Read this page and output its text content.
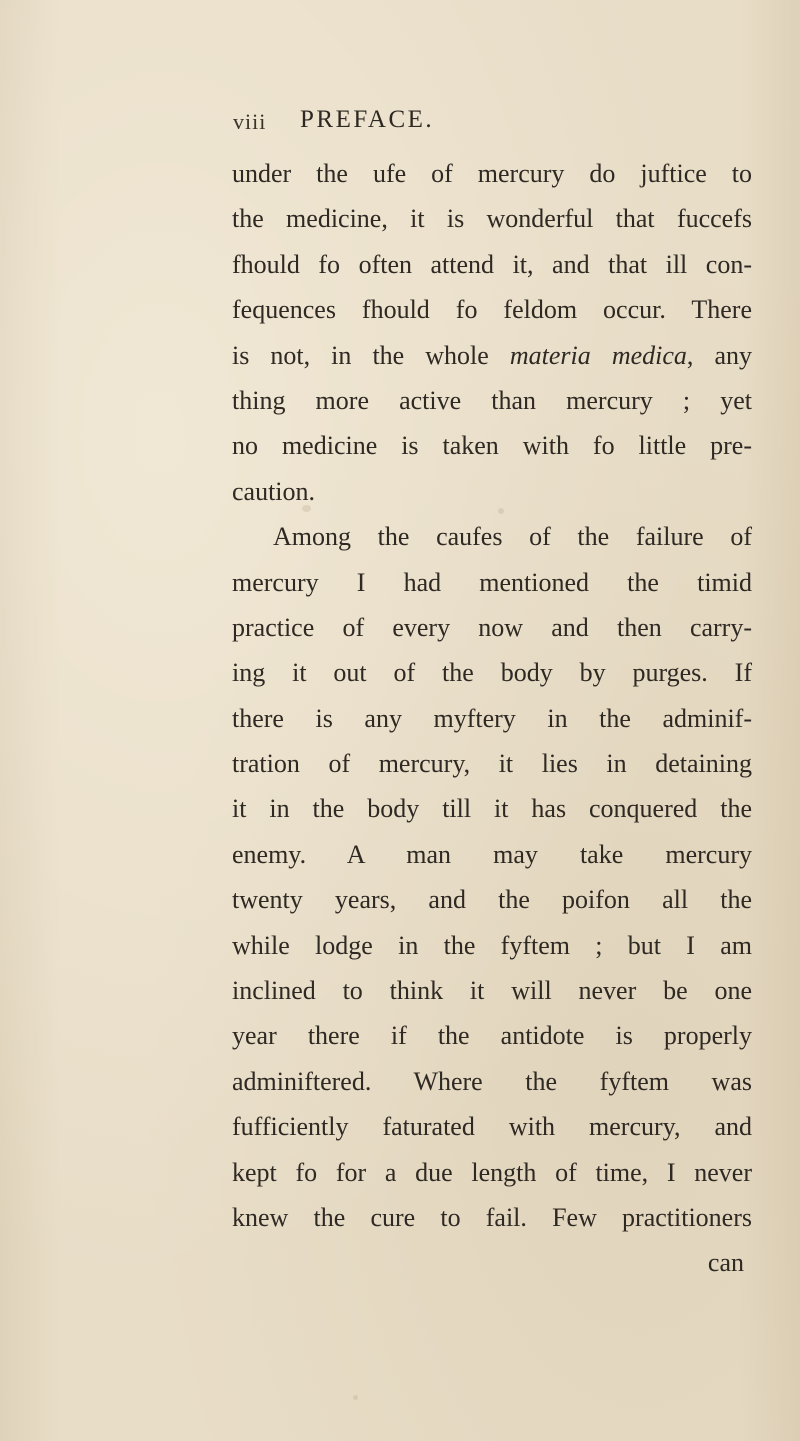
viii PREFACE.
under the ufe of mercury do juftice to
the medicine, it is wonderful that fuccefs
fhould fo often attend it, and that ill con-
fequences fhould fo feldom occur. There
is not, in the whole materia medica, any
thing more active than mercury ; yet
no medicine is taken with fo little pre-
caution.
Among the caufes of the failure of
mercury I had mentioned the timid
practice of every now and then carry-
ing it out of the body by purges. If
there is any myftery in the adminif-
tration of mercury, it lies in detaining
it in the body till it has conquered the
enemy. A man may take mercury
twenty years, and the poifon all the
while lodge in the fyftem ; but I am
inclined to think it will never be one
year there if the antidote is properly
adminiftered. Where the fyftem was
fufficiently faturated with mercury, and
kept fo for a due length of time, I never
knew the cure to fail. Few practitioners
can
